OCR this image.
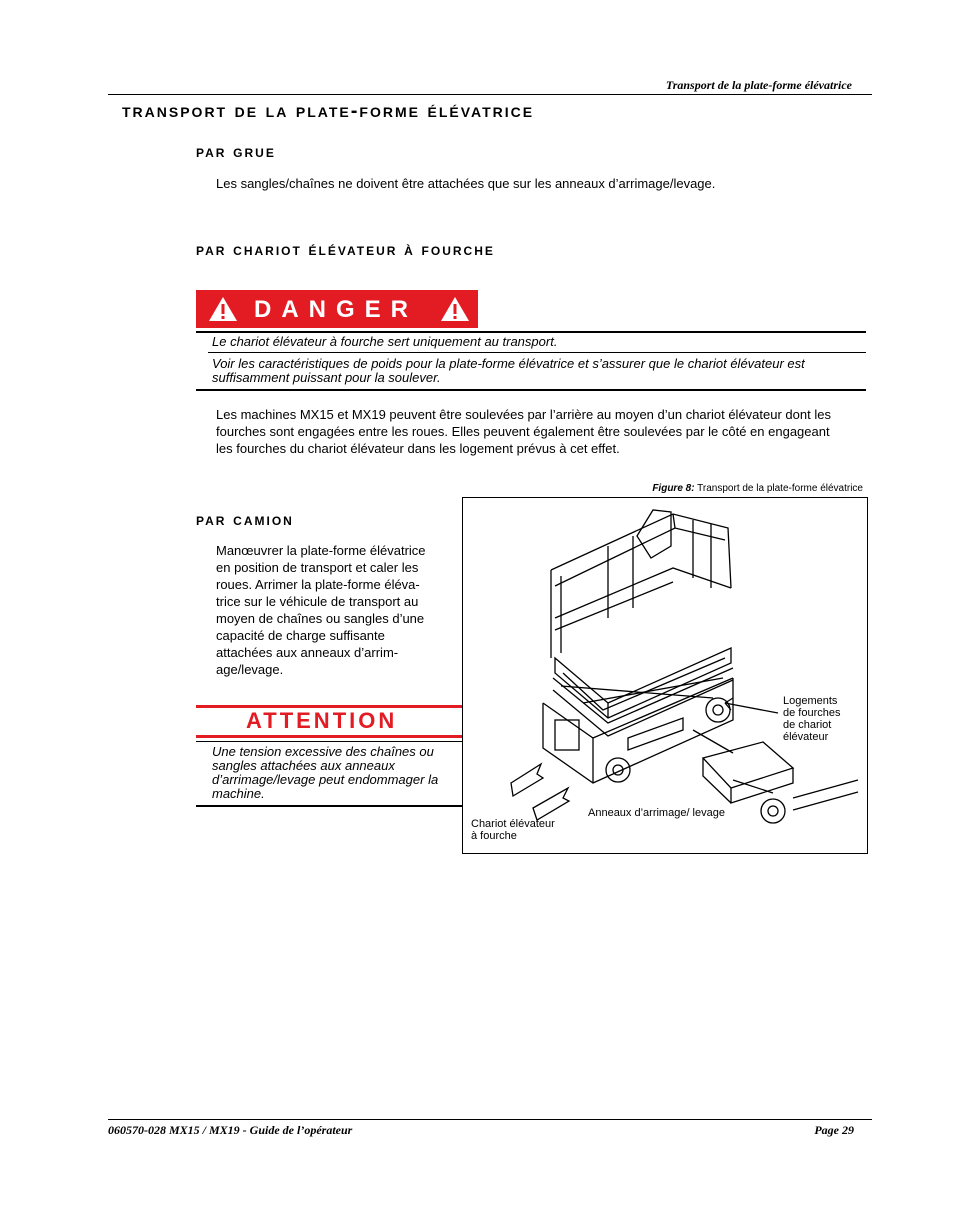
Transport de la plate-forme élévatrice
transport de la plate-forme élévatrice
par grue
Les sangles/chaînes ne doivent être attachées que sur les anneaux d’arrimage/levage.
par chariot élévateur à fourche
DANGER
Le chariot élévateur à fourche sert uniquement au transport.
Voir les caractéristiques de poids pour la plate-forme élévatrice et s’assurer que le chariot élévateur est
suffisamment puissant pour la soulever.
Les machines MX15 et MX19 peuvent être soulevées par l’arrière au moyen d’un chariot élévateur dont les
fourches sont engagées entre les roues. Elles peuvent également être soulevées par le côté en engageant
les fourches du chariot élévateur dans les logement prévus à cet effet.
Figure 8: Transport de la plate-forme élévatrice
Logements
de fourches
de chariot
élévateur
Anneaux d’arrimage/ levage
Chariot élévateur
à fourche
par camion
Manœuvrer la plate-forme élévatrice
en position de transport et caler les
roues. Arrimer la plate-forme éléva-
trice sur le véhicule de transport au
moyen de chaînes ou sangles d’une
capacité de charge suffisante
attachées aux anneaux d’arrim-
age/levage.
ATTENTION
Une tension excessive des chaînes ou
sangles attachées aux anneaux
d’arrimage/levage peut endommager la
machine.
060570-028 MX15 / MX19 - Guide de l’opérateur	Page 29
